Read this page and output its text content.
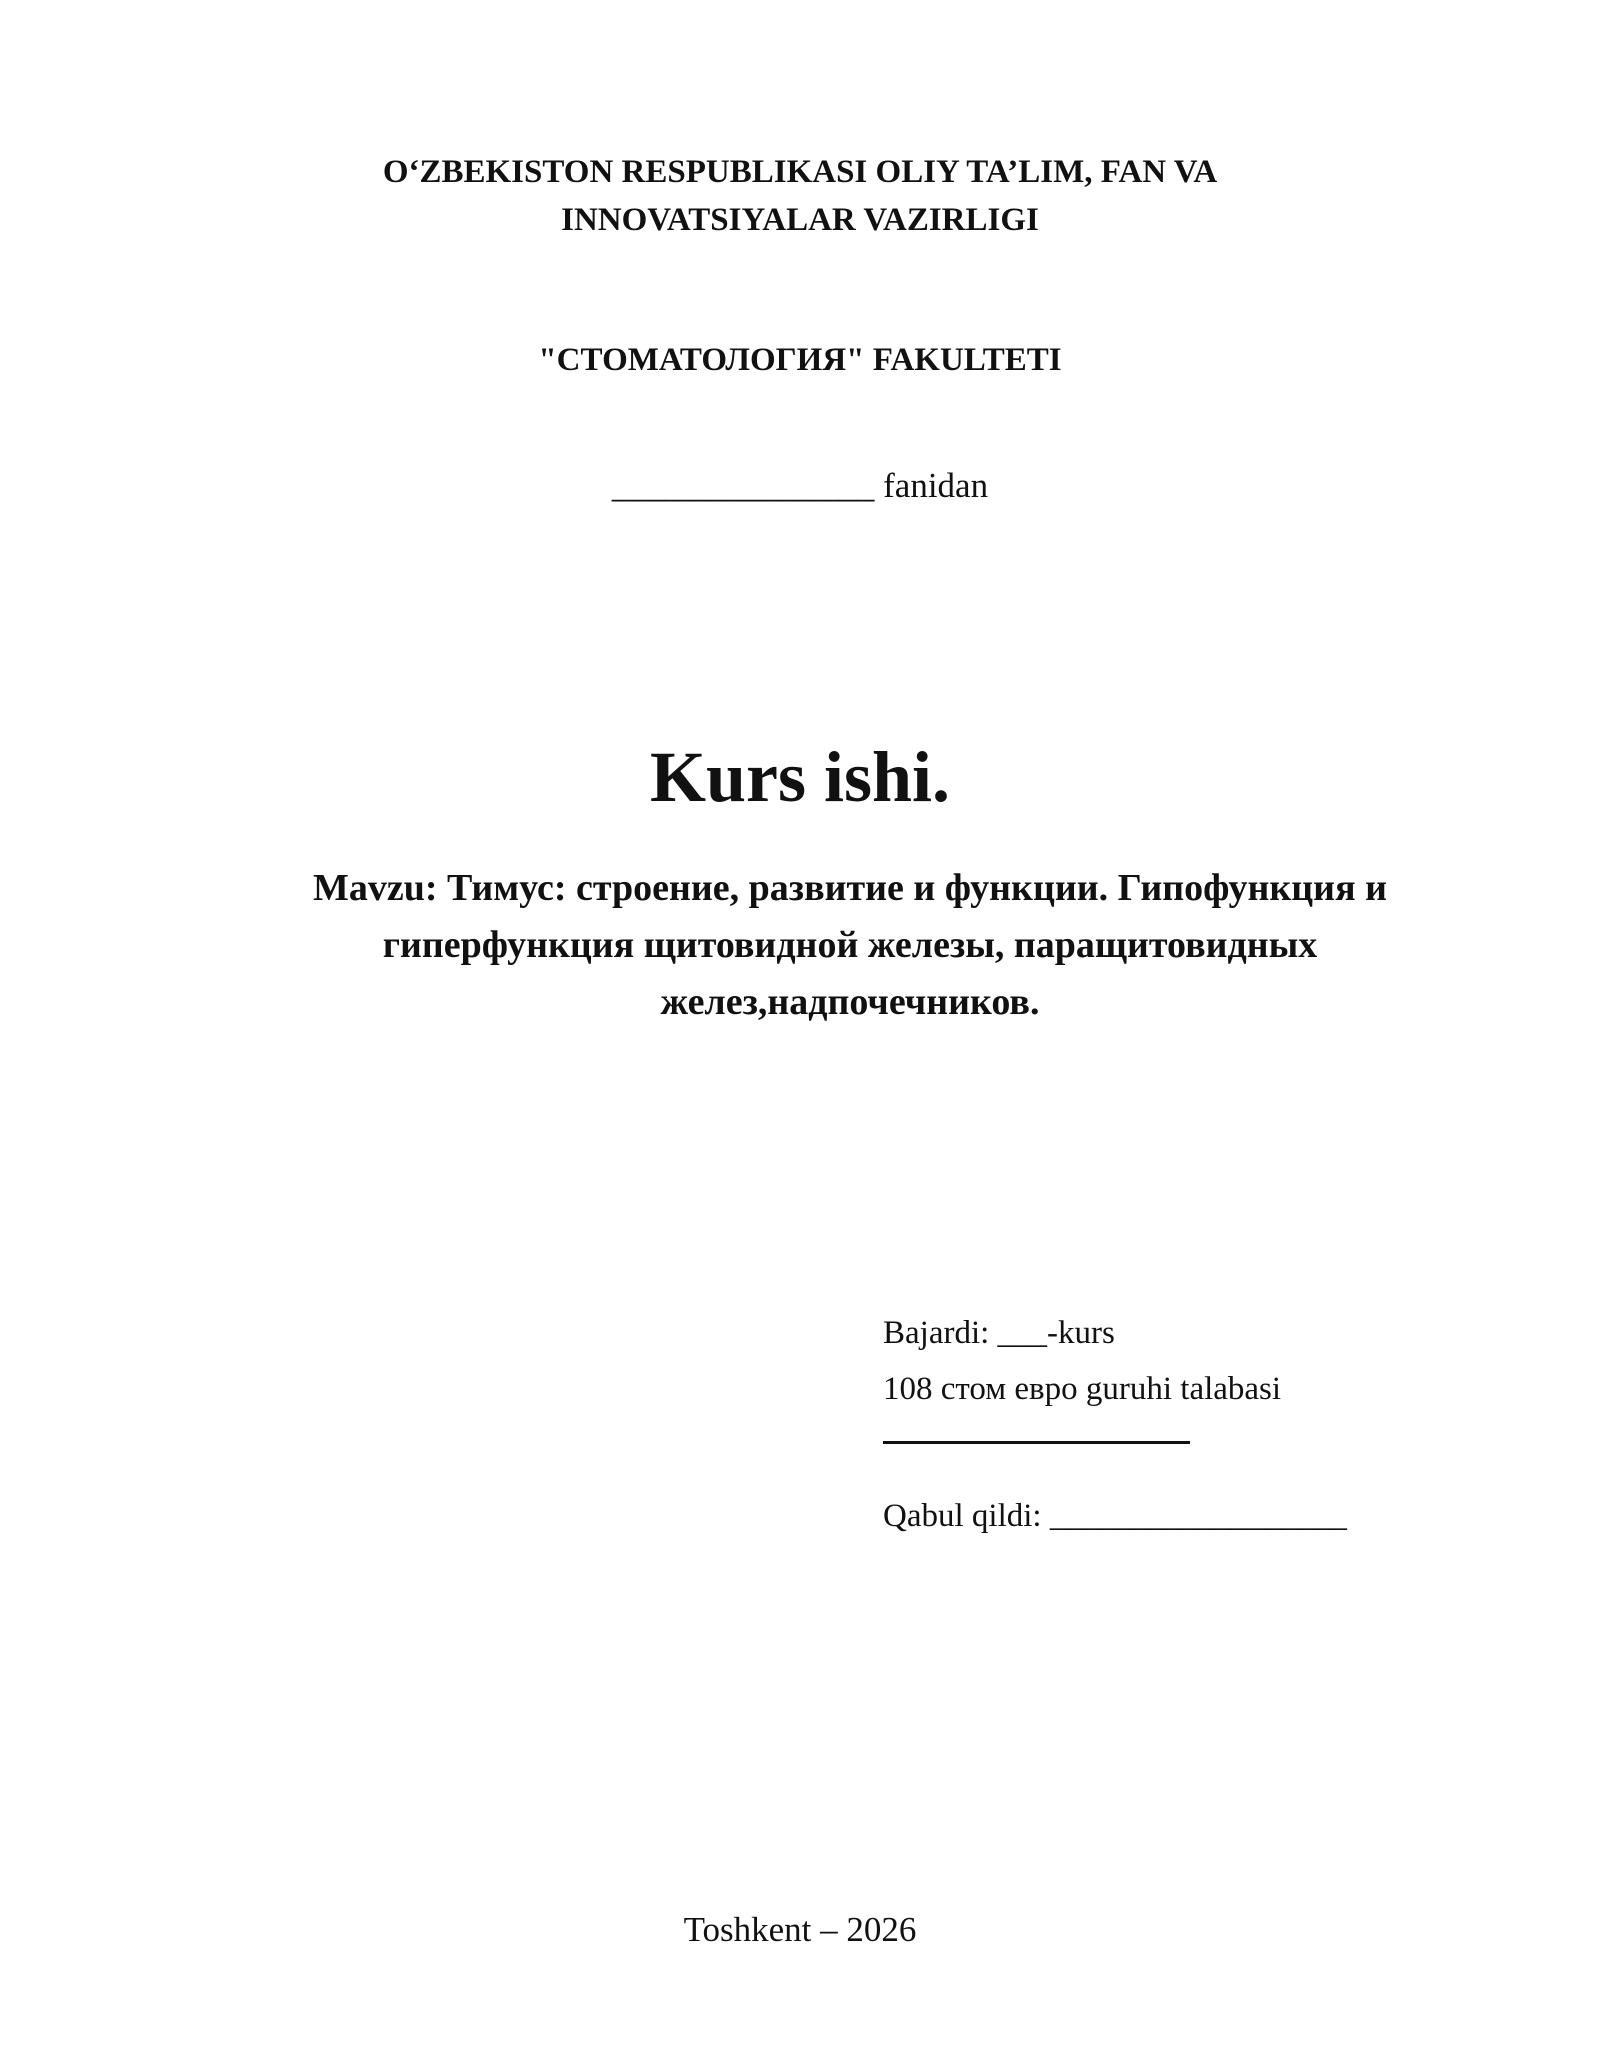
O‘ZBEKISTON RESPUBLIKASI OLIY TA’LIM, FAN VA
INNOVATSIYALAR VAZIRLIGI
"СТОМАТОЛОГИЯ" FAKULTETI
_______________ fanidan
Kurs ishi.
Mavzu: Тимус: строение, развитие и функции. Гипофункция и
гиперфункция щитовидной железы, паращитовидных
желез,надпочечников.
Bajardi: ___-kurs
108 стом евро guruhi talabasi
Qabul qildi: __________________
Toshkent – 2026
